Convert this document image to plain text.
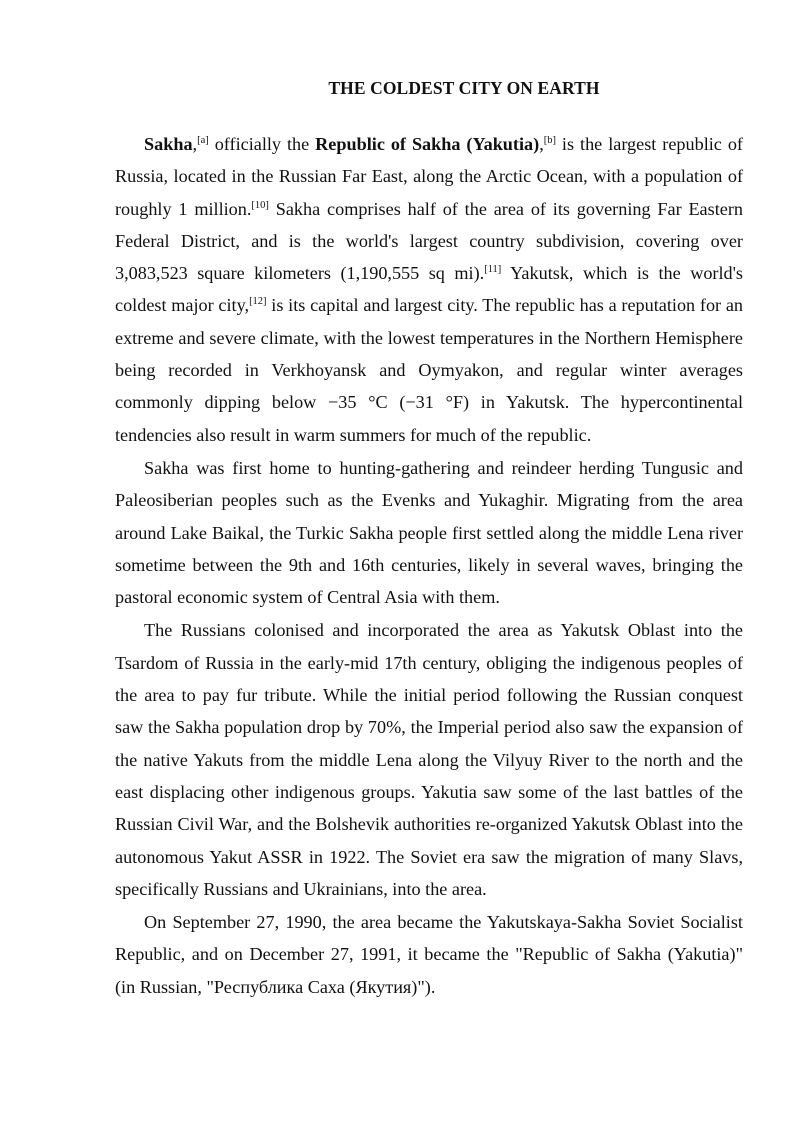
THE COLDEST CITY ON EARTH

Sakha,[a] officially the Republic of Sakha (Yakutia),[b] is the largest republic of Russia, located in the Russian Far East, along the Arctic Ocean, with a population of roughly 1 million.[10] Sakha comprises half of the area of its governing Far Eastern Federal District, and is the world's largest country subdivision, covering over 3,083,523 square kilometers (1,190,555 sq mi).[11] Yakutsk, which is the world's coldest major city,[12] is its capital and largest city. The republic has a reputation for an extreme and severe climate, with the lowest temperatures in the Northern Hemisphere being recorded in Verkhoyansk and Oymyakon, and regular winter averages commonly dipping below −35 °C (−31 °F) in Yakutsk. The hypercontinental tendencies also result in warm summers for much of the republic.

Sakha was first home to hunting-gathering and reindeer herding Tungusic and Paleosiberian peoples such as the Evenks and Yukaghir. Migrating from the area around Lake Baikal, the Turkic Sakha people first settled along the middle Lena river sometime between the 9th and 16th centuries, likely in several waves, bringing the pastoral economic system of Central Asia with them.

The Russians colonised and incorporated the area as Yakutsk Oblast into the Tsardom of Russia in the early-mid 17th century, obliging the indigenous peoples of the area to pay fur tribute. While the initial period following the Russian conquest saw the Sakha population drop by 70%, the Imperial period also saw the expansion of the native Yakuts from the middle Lena along the Vilyuy River to the north and the east displacing other indigenous groups. Yakutia saw some of the last battles of the Russian Civil War, and the Bolshevik authorities re-organized Yakutsk Oblast into the autonomous Yakut ASSR in 1922. The Soviet era saw the migration of many Slavs, specifically Russians and Ukrainians, into the area.

On September 27, 1990, the area became the Yakutskaya-Sakha Soviet Socialist Republic, and on December 27, 1991, it became the "Republic of Sakha (Yakutia)" (in Russian, "Республика Саха (Якутия)").
